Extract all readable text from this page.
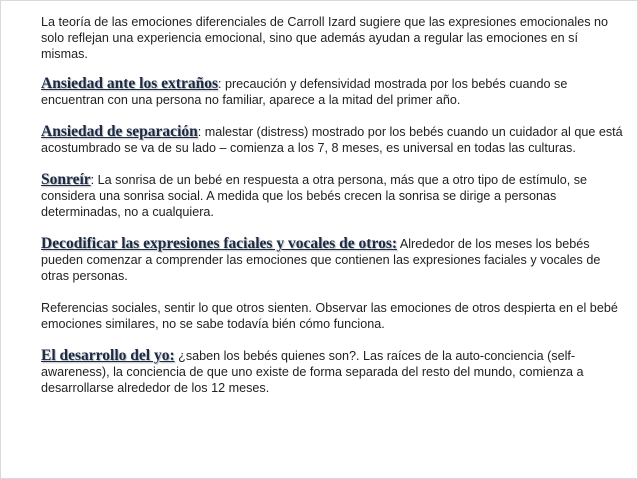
La teoría de las emociones diferenciales de Carroll Izard sugiere que las expresiones emocionales no solo reflejan una experiencia emocional, sino que además ayudan a regular las emociones en sí mismas.

Ansiedad ante los extraños: precaución y defensividad mostrada por los bebés cuando se encuentran con una persona no familiar, aparece a la mitad del primer año.

Ansiedad de separación: malestar (distress) mostrado por los bebés cuando un cuidador al que está acostumbrado se va de su lado – comienza a los 7, 8 meses, es universal en todas las culturas.

Sonreír: La sonrisa de un bebé en respuesta a otra persona, más que a otro tipo de estímulo, se considera una sonrisa social. A medida que los bebés crecen la sonrisa se dirige a personas determinadas, no a cualquiera.

Decodificar las expresiones faciales y vocales de otros: Alrededor de los meses los bebés pueden comenzar a comprender las emociones que contienen las expresiones faciales y vocales de otras personas.

Referencias sociales, sentir lo que otros sienten. Observar las emociones de otros despierta en el bebé emociones similares, no se sabe todavía bién cómo funciona.

El desarrollo del yo: ¿saben los bebés quienes son?. Las raíces de la auto-conciencia (self-awareness), la conciencia de que uno existe de forma separada del resto del mundo, comienza a desarrollarse alrededor de los 12 meses.
